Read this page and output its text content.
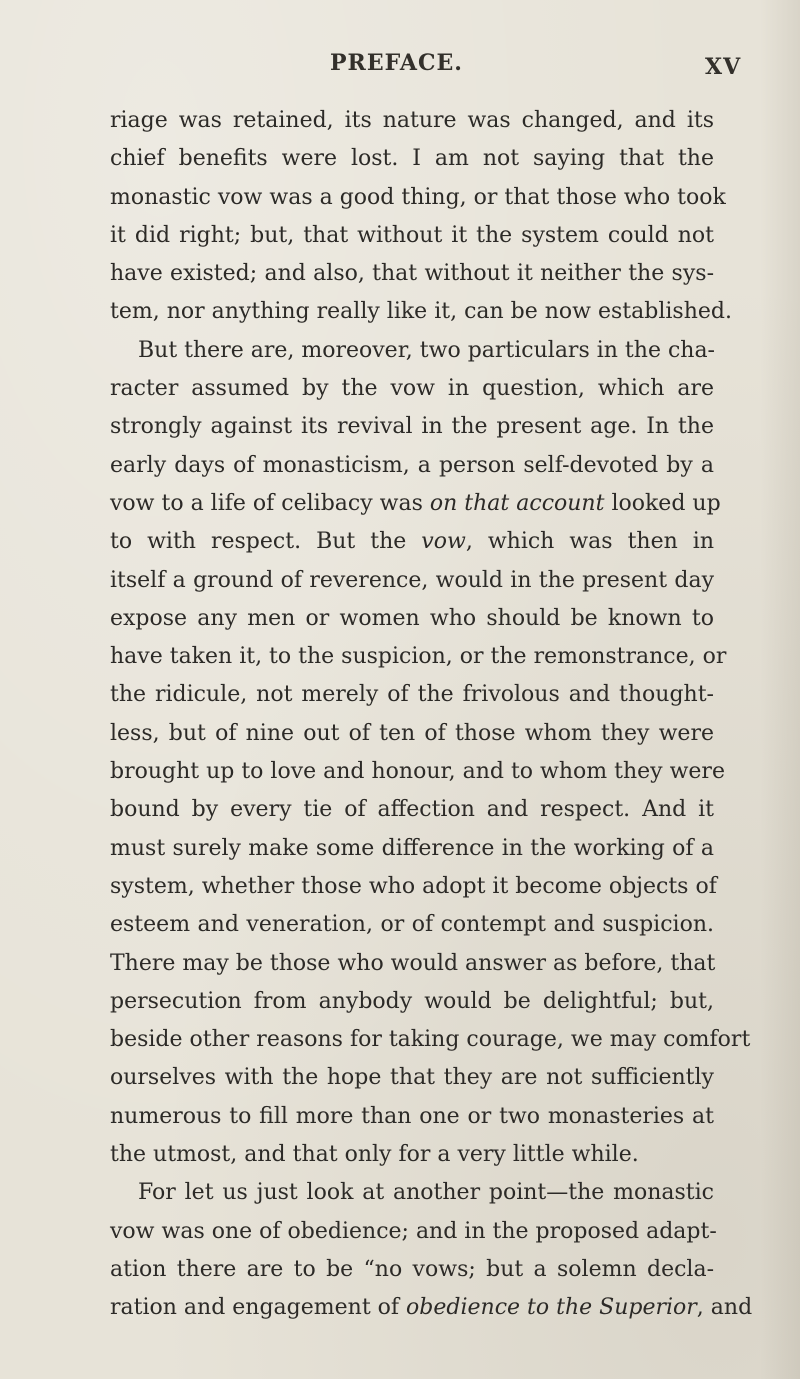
PREFACE.	XV
riage was retained, its nature was changed, and its
chief benefits were lost. I am not saying that the
monastic vow was a good thing, or that those who took
it did right; but, that without it the system could not
have existed; and also, that without it neither the sys-
tem, nor anything really like it, can be now established.
But there are, moreover, two particulars in the cha-
racter assumed by the vow in question, which are
strongly against its revival in the present age. In the
early days of monasticism, a person self-devoted by a
vow to a life of celibacy was on that account looked up
to with respect. But the vow, which was then in
itself a ground of reverence, would in the present day
expose any men or women who should be known to
have taken it, to the suspicion, or the remonstrance, or
the ridicule, not merely of the frivolous and thought-
less, but of nine out of ten of those whom they were
brought up to love and honour, and to whom they were
bound by every tie of affection and respect. And it
must surely make some difference in the working of a
system, whether those who adopt it become objects of
esteem and veneration, or of contempt and suspicion.
There may be those who would answer as before, that
persecution from anybody would be delightful; but,
beside other reasons for taking courage, we may comfort
ourselves with the hope that they are not sufficiently
numerous to fill more than one or two monasteries at
the utmost, and that only for a very little while.
For let us just look at another point—the monastic
vow was one of obedience; and in the proposed adapt-
ation there are to be “no vows; but a solemn decla-
ration and engagement of obedience to the Superior, and
